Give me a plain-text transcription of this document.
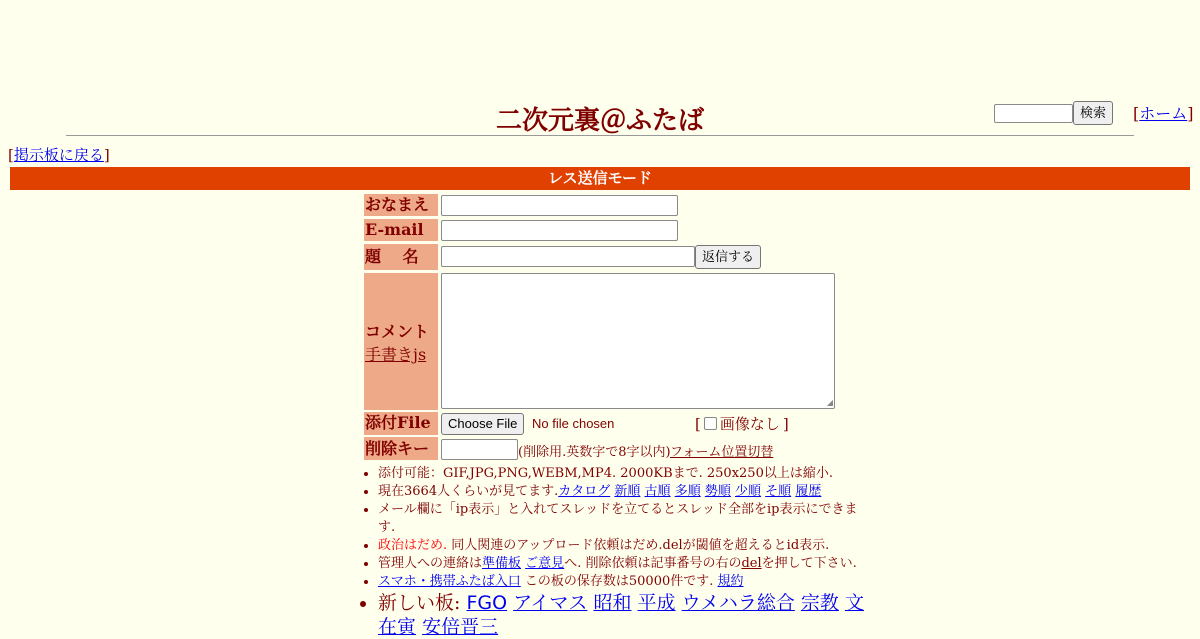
検索	[ホーム]
二次元裏＠ふたば
[掲示板に戻る]
レス送信モード
おなまえ
E-mail
題　 名	返信する
コメント
手書きjs
◢
添付File	Choose File	No file chosen	[ 画像なし ]
削除キー	(削除用.英数字で8字以内) フォーム位置切替
• 添付可能：GIF,JPG,PNG,WEBM,MP4. 2000KBまで. 250x250以上は縮小.
• 現在3664人くらいが見てます.カタログ 新順 古順 多順 勢順 少順 そ順 履歴
• メール欄に「ip表示」と入れてスレッドを立てるとスレッド全部をip表示にできます.
• 政治はだめ. 同人関連のアップロード依頼はだめ.delが閾値を超えるとid表示.
• 管理人への連絡は準備板 ご意見へ. 削除依頼は記事番号の右のdelを押して下さい.
• スマホ・携帯ふたば入口 この板の保存数は50000件です. 規約
• 新しい板: FGO アイマス 昭和 平成 ウメハラ総合 宗教 文在寅 安倍晋三
